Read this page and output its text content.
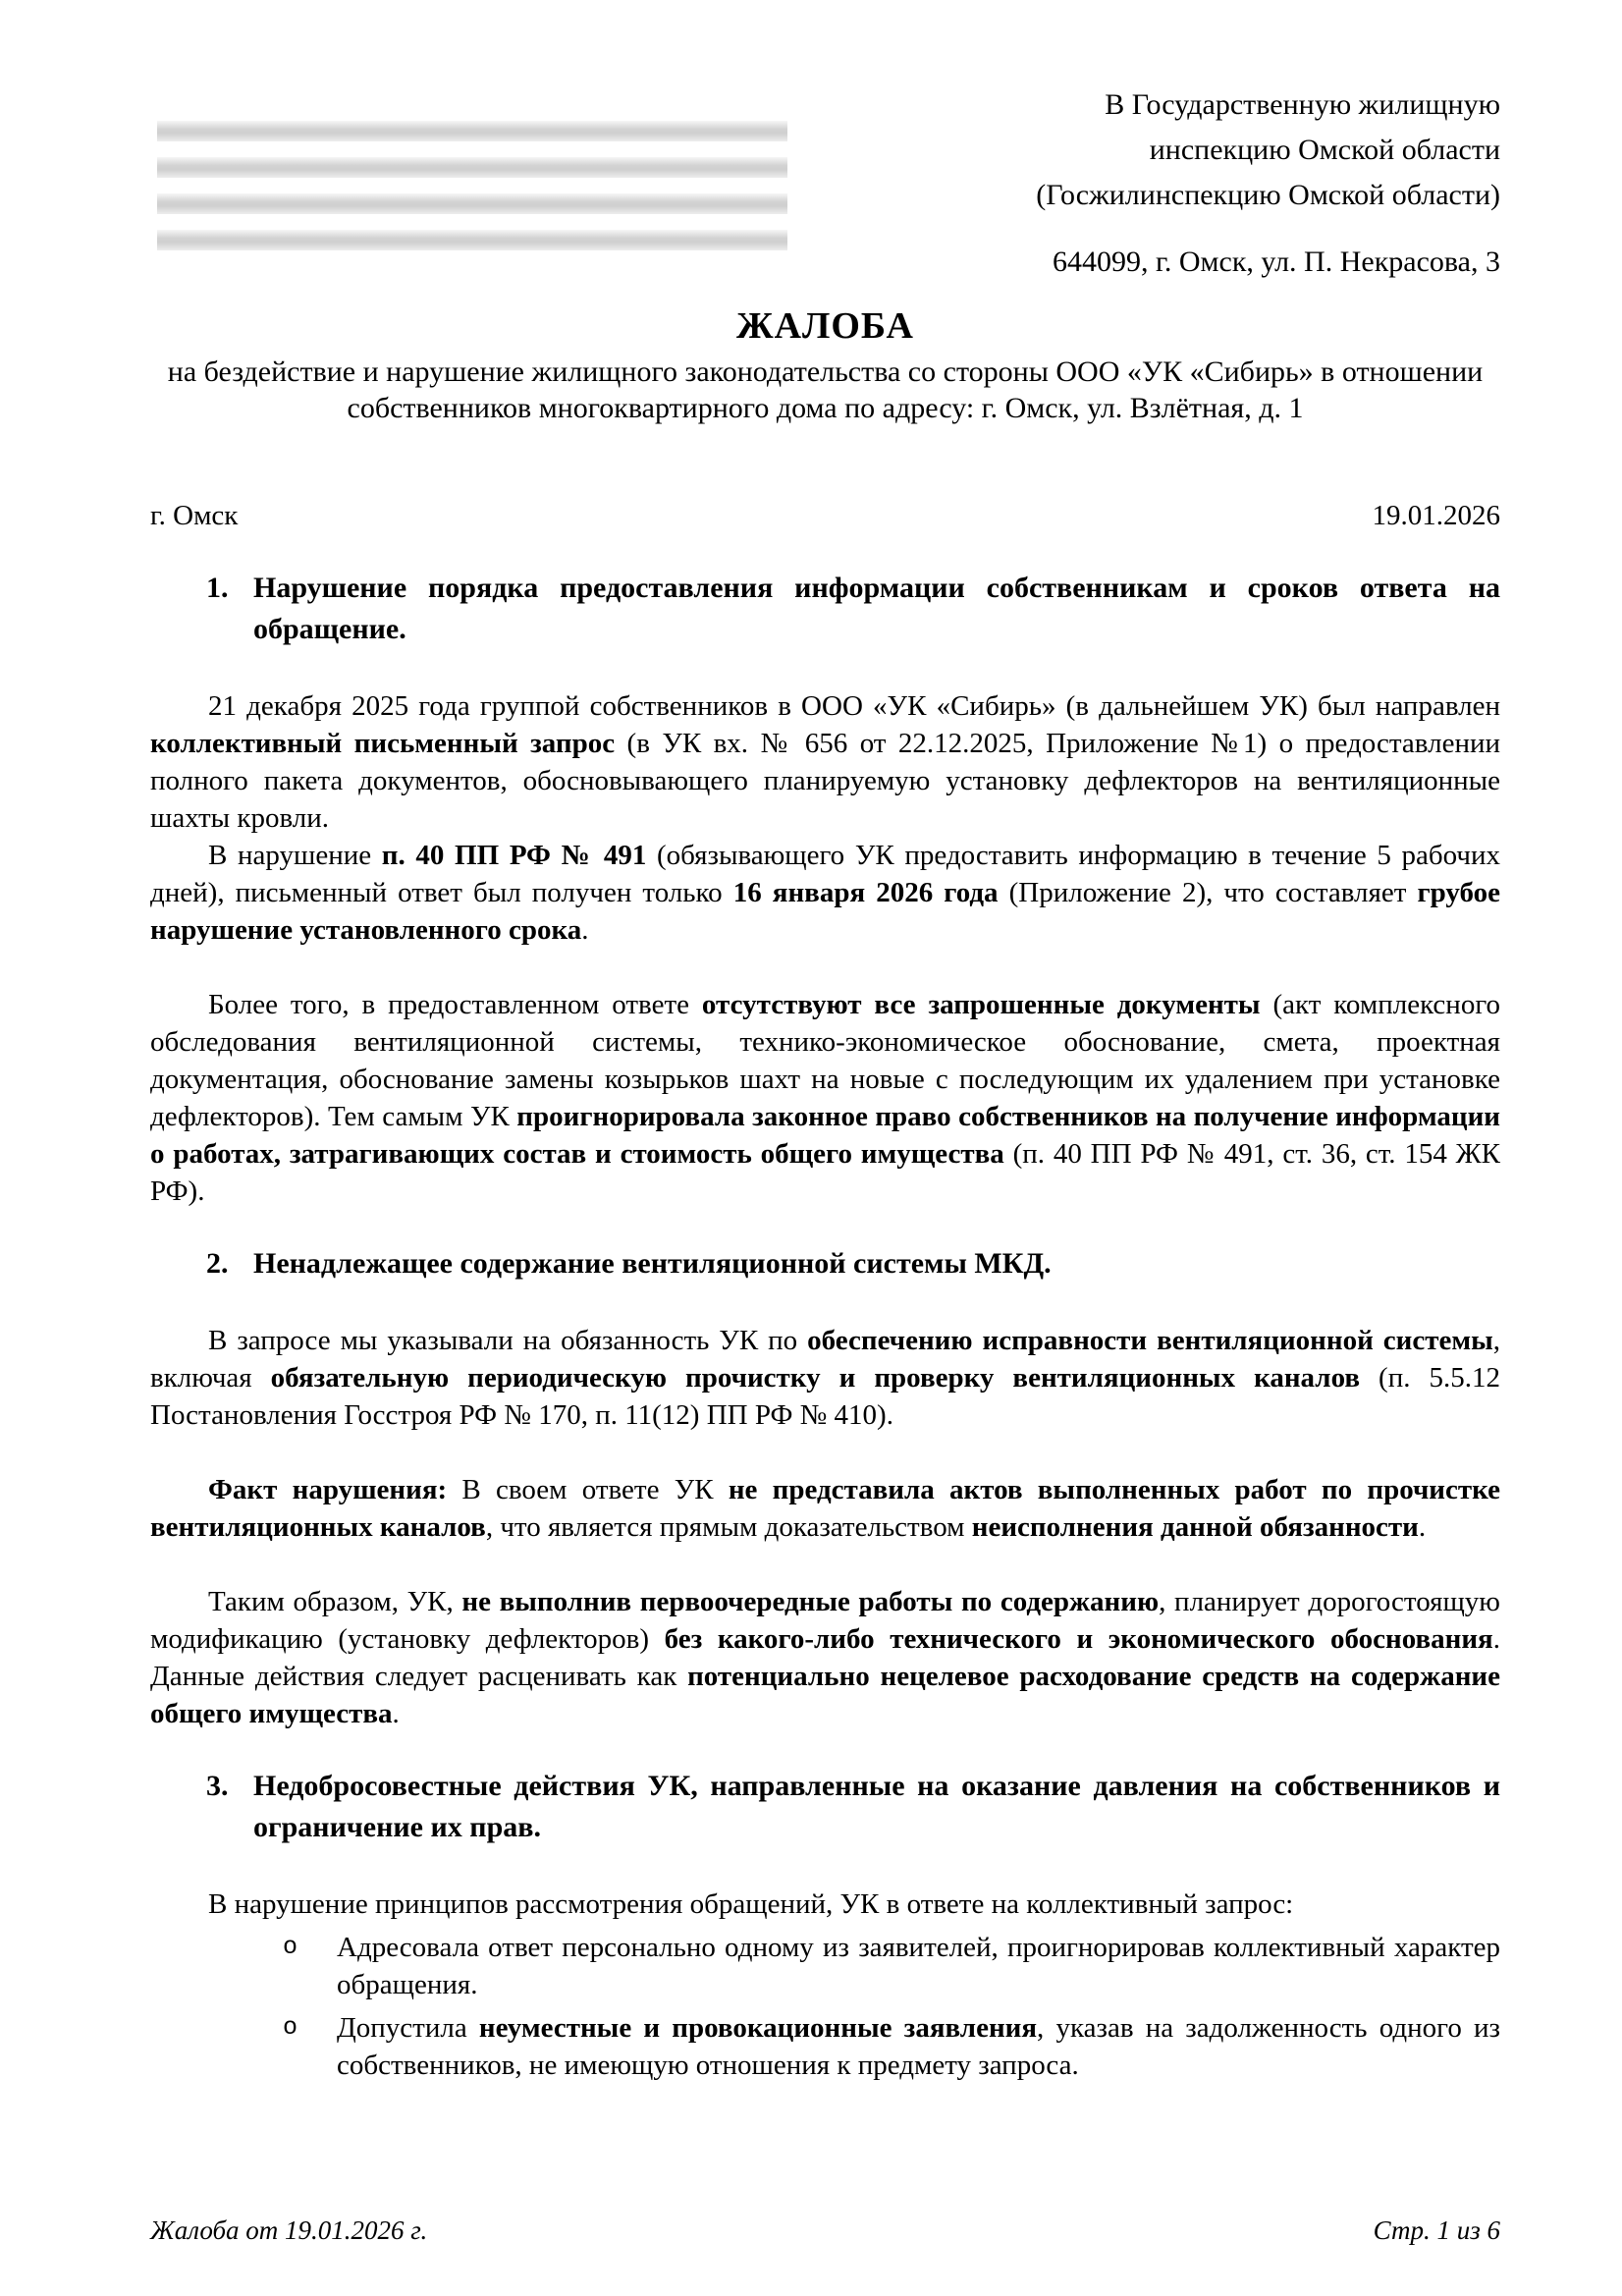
В Государственную жилищную
инспекцию Омской области
(Госжилинспекцию Омской области)
644099, г. Омск, ул. П. Некрасова, 3
ЖАЛОБА
на бездействие и нарушение жилищного законодательства со стороны ООО «УК «Сибирь» в отношении собственников многоквартирного дома по адресу: г. Омск, ул. Взлётная, д. 1
г. Омск	19.01.2026
1. Нарушение порядка предоставления информации собственникам и сроков ответа на обращение.

21 декабря 2025 года группой собственников в ООО «УК «Сибирь» (в дальнейшем УК) был направлен коллективный письменный запрос (в УК вх. № 656 от 22.12.2025, Приложение №1) о предоставлении полного пакета документов, обосновывающего планируемую установку дефлекторов на вентиляционные шахты кровли.

В нарушение п. 40 ПП РФ № 491 (обязывающего УК предоставить информацию в течение 5 рабочих дней), письменный ответ был получен только 16 января 2026 года (Приложение 2), что составляет грубое нарушение установленного срока.

Более того, в предоставленном ответе отсутствуют все запрошенные документы (акт комплексного обследования вентиляционной системы, технико-экономическое обоснование, смета, проектная документация, обоснование замены козырьков шахт на новые с последующим их удалением при установке дефлекторов). Тем самым УК проигнорировала законное право собственников на получение информации о работах, затрагивающих состав и стоимость общего имущества (п. 40 ПП РФ № 491, ст. 36, ст. 154 ЖК РФ).

2. Ненадлежащее содержание вентиляционной системы МКД.

В запросе мы указывали на обязанность УК по обеспечению исправности вентиляционной системы, включая обязательную периодическую прочистку и проверку вентиляционных каналов (п. 5.5.12 Постановления Госстроя РФ № 170, п. 11(12) ПП РФ № 410).

Факт нарушения: В своем ответе УК не представила актов выполненных работ по прочистке вентиляционных каналов, что является прямым доказательством неисполнения данной обязанности.

Таким образом, УК, не выполнив первоочередные работы по содержанию, планирует дорогостоящую модификацию (установку дефлекторов) без какого-либо технического и экономического обоснования. Данные действия следует расценивать как потенциально нецелевое расходование средств на содержание общего имущества.

3. Недобросовестные действия УК, направленные на оказание давления на собственников и ограничение их прав.

В нарушение принципов рассмотрения обращений, УК в ответе на коллективный запрос:

o	Адресовала ответ персонально одному из заявителей, проигнорировав коллективный характер обращения.
o	Допустила неуместные и провокационные заявления, указав на задолженность одного из собственников, не имеющую отношения к предмету запроса.
Жалоба от 19.01.2026 г.	Стр. 1 из 6
